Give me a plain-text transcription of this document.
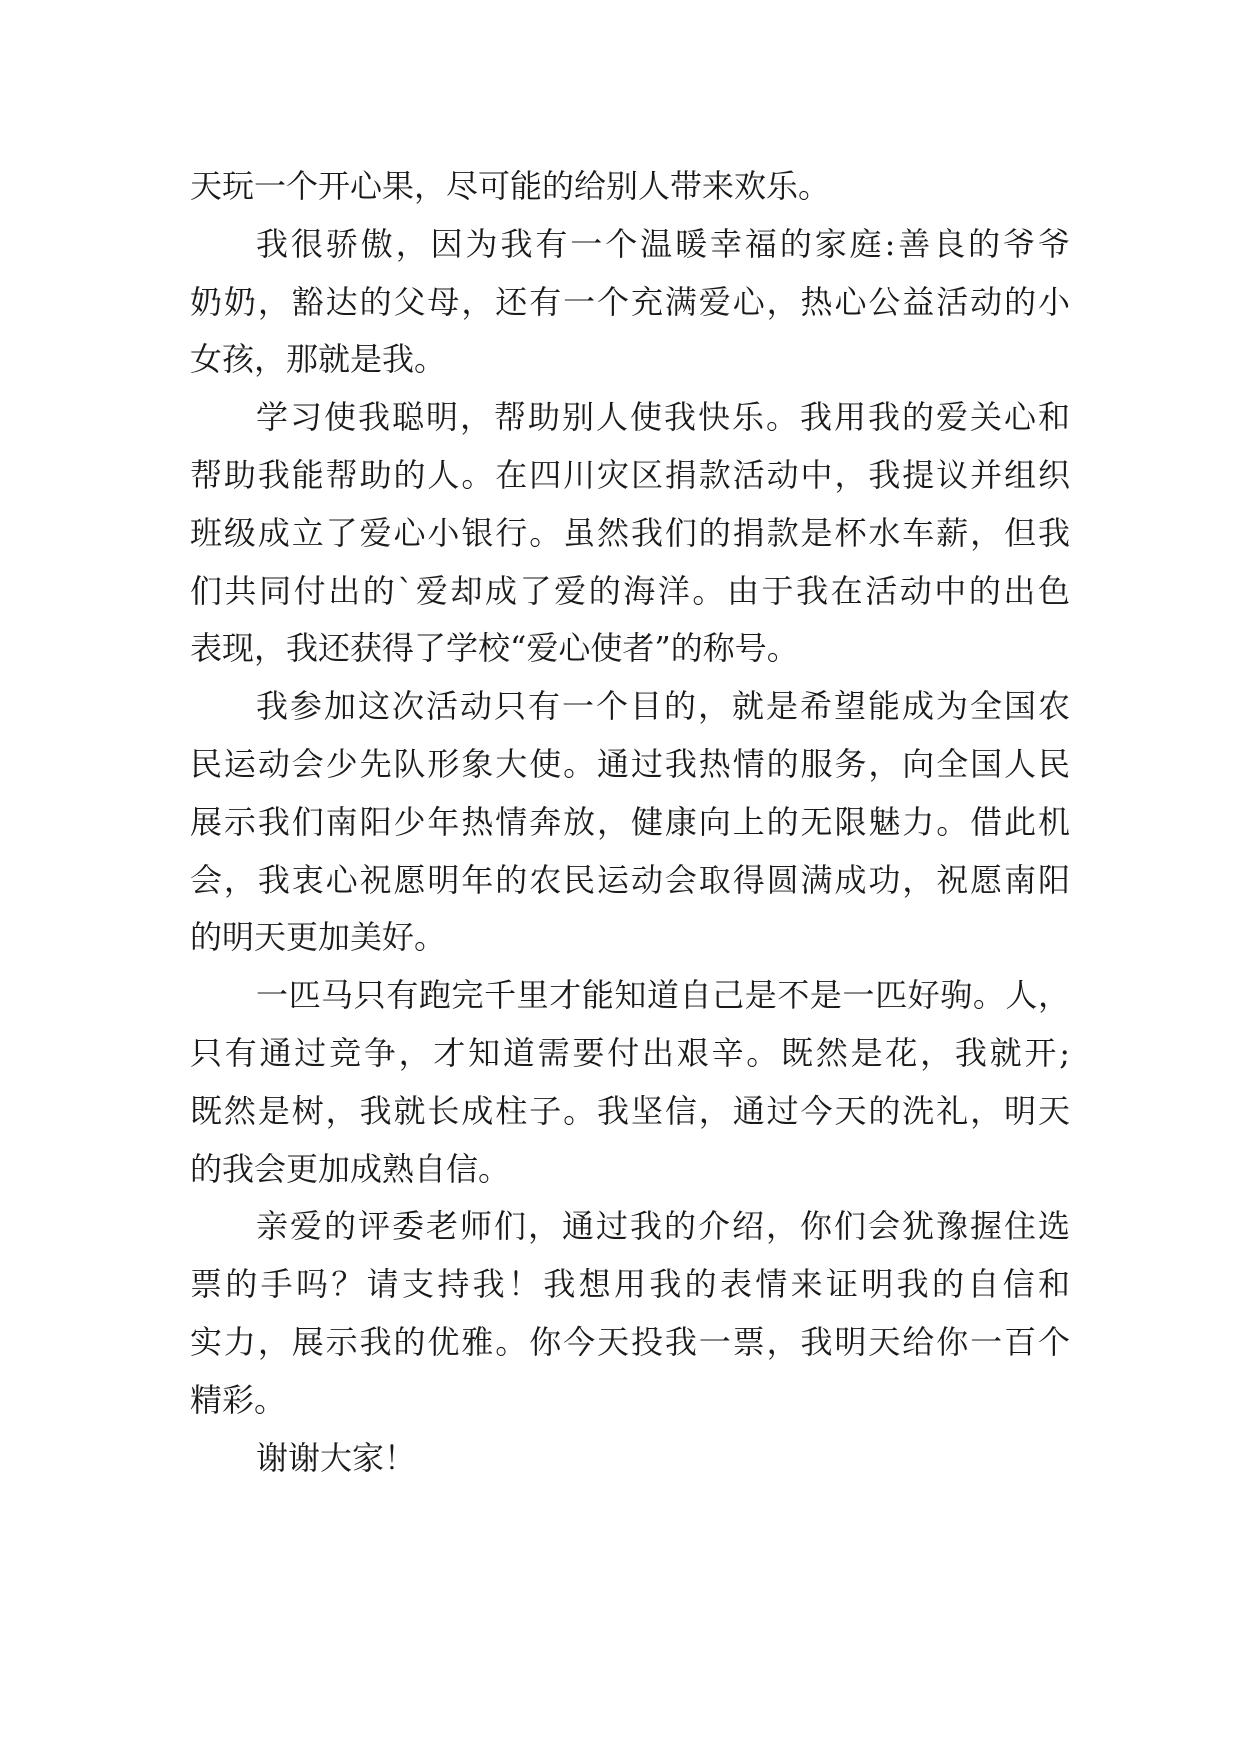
天玩一个开心果，尽可能的给别人带来欢乐。
我很骄傲，因为我有一个温暖幸福的家庭:善良的爷爷
奶奶，豁达的父母，还有一个充满爱心，热心公益活动的小
女孩，那就是我。
学习使我聪明，帮助别人使我快乐。我用我的爱关心和
帮助我能帮助的人。在四川灾区捐款活动中，我提议并组织
班级成立了爱心小银行。虽然我们的捐款是杯水车薪，但我
们共同付出的`爱却成了爱的海洋。由于我在活动中的出色
表现，我还获得了学校“爱心使者”的称号。
我参加这次活动只有一个目的，就是希望能成为全国农
民运动会少先队形象大使。通过我热情的服务，向全国人民
展示我们南阳少年热情奔放，健康向上的无限魅力。借此机
会，我衷心祝愿明年的农民运动会取得圆满成功，祝愿南阳
的明天更加美好。
一匹马只有跑完千里才能知道自己是不是一匹好驹。人，
只有通过竞争，才知道需要付出艰辛。既然是花，我就开;
既然是树，我就长成柱子。我坚信，通过今天的洗礼，明天
的我会更加成熟自信。
亲爱的评委老师们，通过我的介绍，你们会犹豫握住选
票的手吗？请支持我！我想用我的表情来证明我的自信和
实力，展示我的优雅。你今天投我一票，我明天给你一百个
精彩。
谢谢大家！
